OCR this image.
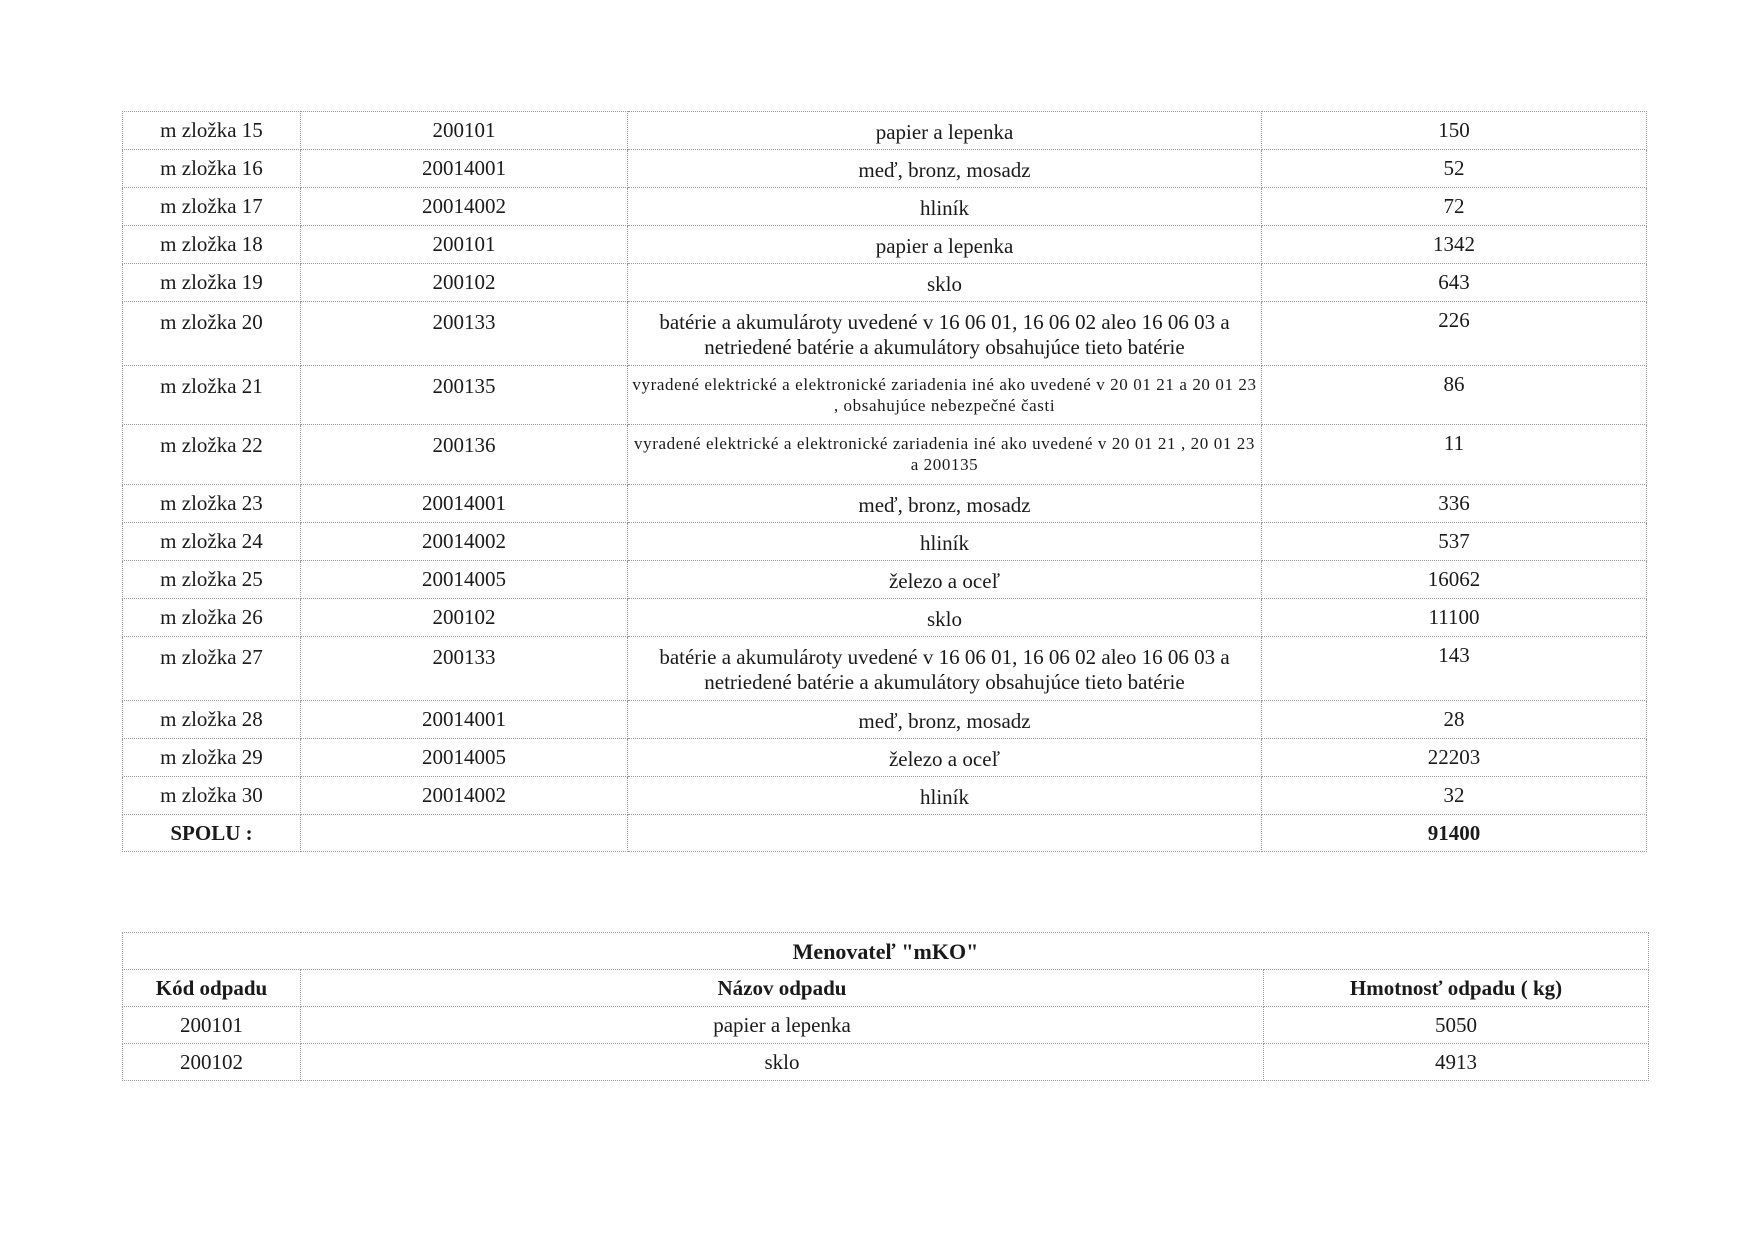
m zložka 15	200101	papier a lepenka	150
m zložka 16	20014001	meď, bronz, mosadz	52
m zložka 17	20014002	hliník	72
m zložka 18	200101	papier a lepenka	1342
m zložka 19	200102	sklo	643
m zložka 20	200133	batérie a akumulároty uvedené v 16 06 01, 16 06 02 aleo 16 06 03 a netriedené batérie a akumulátory obsahujúce tieto batérie	226
m zložka 21	200135	vyradené elektrické a elektronické zariadenia iné ako uvedené v 20 01 21 a 20 01 23 , obsahujúce nebezpečné časti	86
m zložka 22	200136	vyradené elektrické a elektronické zariadenia iné ako uvedené v 20 01 21 , 20 01 23 a 200135	11
m zložka 23	20014001	meď, bronz, mosadz	336
m zložka 24	20014002	hliník	537
m zložka 25	20014005	železo a oceľ	16062
m zložka 26	200102	sklo	11100
m zložka 27	200133	batérie a akumulároty uvedené v 16 06 01, 16 06 02 aleo 16 06 03 a netriedené batérie a akumulátory obsahujúce tieto batérie	143
m zložka 28	20014001	meď, bronz, mosadz	28
m zložka 29	20014005	železo a oceľ	22203
m zložka 30	20014002	hliník	32
SPOLU :			91400
Menovateľ "mKO"		
Kód odpadu	Názov odpadu	Hmotnosť odpadu ( kg)
200101	papier a lepenka	5050
200102	sklo	4913
